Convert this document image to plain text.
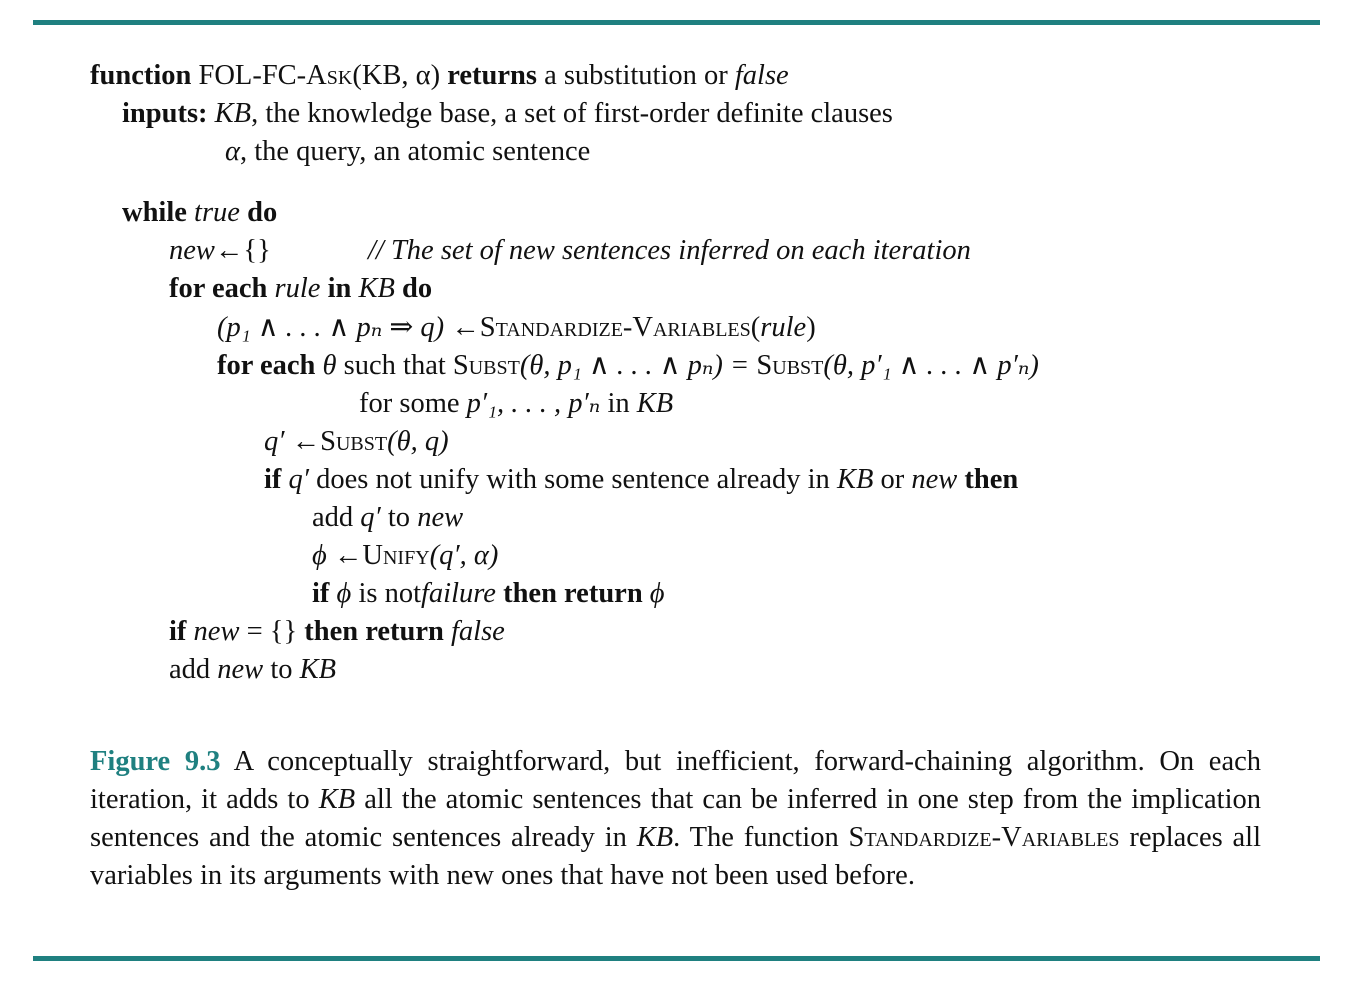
function FOL-FC-Ask(KB, α) returns a substitution or false
inputs: KB, the knowledge base, a set of first-order definite clauses
α, the query, an atomic sentence
while true do
new←{}	// The set of new sentences inferred on each iteration
for each rule in KB do
(p₁ ∧ . . . ∧ pₙ ⇒ q) ←Standardize-Variables(rule)
for each θ such that Subst(θ, p₁ ∧ . . . ∧ pₙ) = Subst(θ, p′₁ ∧ . . . ∧ p′ₙ)
for some p′₁, . . . , p′ₙ in KB
q′ ←Subst(θ, q)
if q′ does not unify with some sentence already in KB or new then
add q′ to new
ϕ ←Unify(q′, α)
if ϕ is notfailure then return ϕ
if new = {} then return false
add new to KB
Figure 9.3 A conceptually straightforward, but inefficient, forward-chaining algorithm. On each iteration, it adds to KB all the atomic sentences that can be inferred in one step from the implication sentences and the atomic sentences already in KB. The function Standardize-Variables replaces all variables in its arguments with new ones that have not been used before.
